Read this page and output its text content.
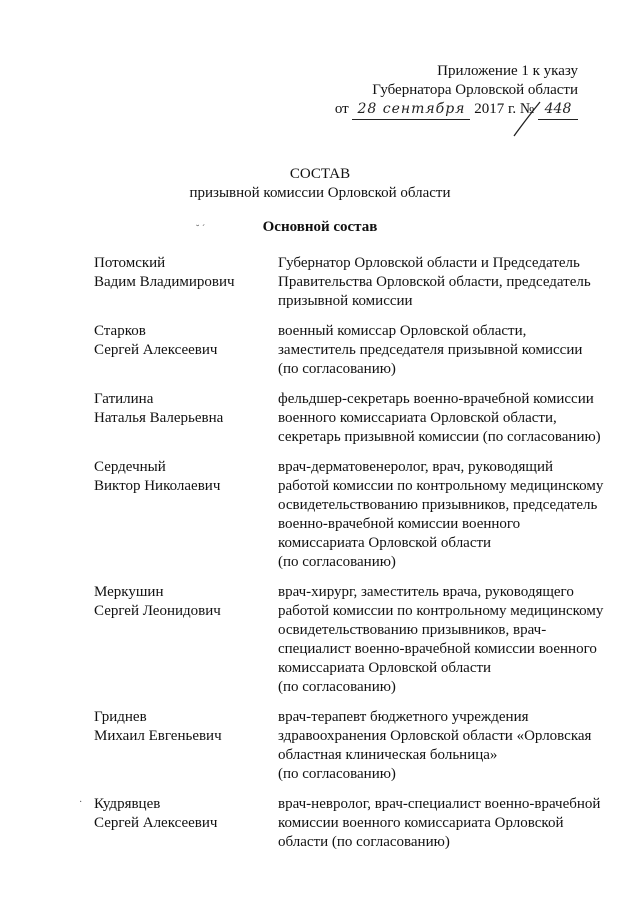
Приложение 1 к указу
Губернатора Орловской области
от 28 сентября 2017 г. № 448
СОСТАВ
призывной комиссии Орловской области
˘ ˊ	Основной состав
Потомский
Вадим Владимирович
Губернатор Орловской области и Председатель
Правительства Орловской области, председатель
призывной комиссии
Старков
Сергей Алексеевич
военный комиссар Орловской области,
заместитель председателя призывной комиссии
(по согласованию)
Гатилина
Наталья Валерьевна
фельдшер-секретарь военно-врачебной комиссии
военного комиссариата Орловской области,
секретарь призывной комиссии (по согласованию)
Сердечный
Виктор Николаевич
врач-дерматовенеролог, врач, руководящий
работой комиссии по контрольному медицинскому
освидетельствованию призывников, председатель
военно-врачебной комиссии военного
комиссариата Орловской области
(по согласованию)
Меркушин
Сергей Леонидович
врач-хирург, заместитель врача, руководящего
работой комиссии по контрольному медицинскому
освидетельствованию призывников, врач-
специалист военно-врачебной комиссии военного
комиссариата Орловской области
(по согласованию)
Гриднев
Михаил Евгеньевич
врач-терапевт бюджетного учреждения
здравоохранения Орловской области «Орловская
областная клиническая больница»
(по согласованию)
Кудрявцев
Сергей Алексеевич
врач-невролог, врач-специалист военно-врачебной
комиссии военного комиссариата Орловской
области (по согласованию)
·
